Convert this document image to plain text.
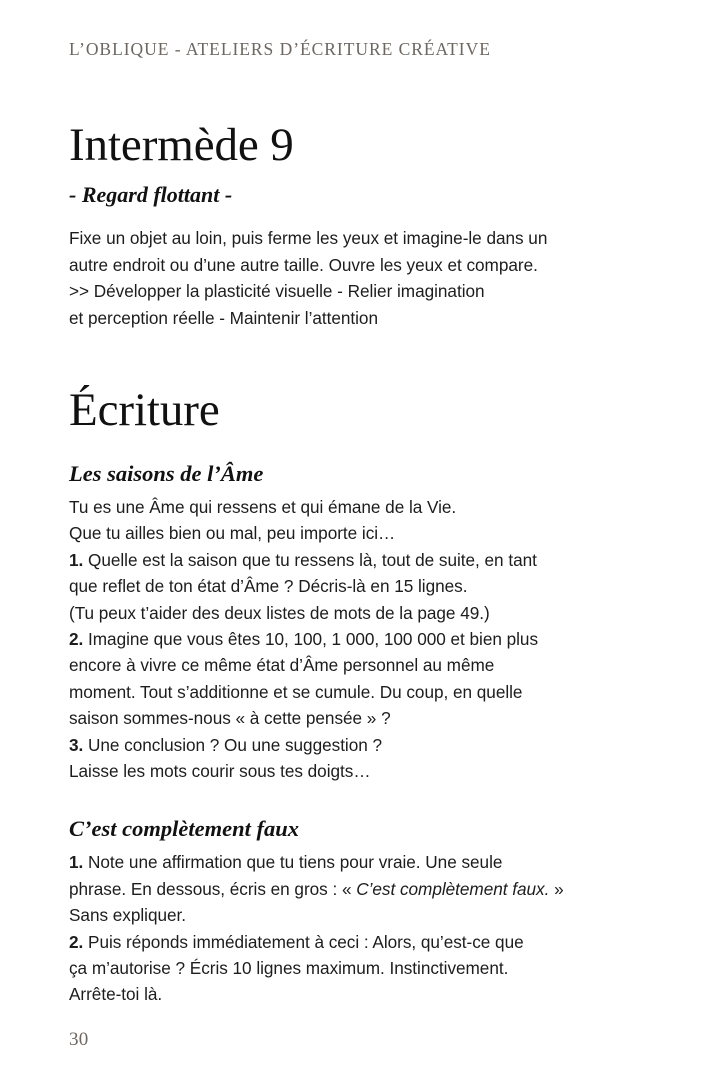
L’OBLIQUE - ATELIERS D’ÉCRITURE CRÉATIVE
Intermède 9

- Regard flottant -

Fixe un objet au loin, puis ferme les yeux et imagine-le dans un
autre endroit ou d’une autre taille. Ouvre les yeux et compare.
>> Développer la plasticité visuelle - Relier imagination
et perception réelle - Maintenir l’attention

Écriture
Les saisons de l’Âme

Tu es une Âme qui ressens et qui émane de la Vie.
Que tu ailles bien ou mal, peu importe ici…
1. Quelle est la saison que tu ressens là, tout de suite, en tant
que reflet de ton état d’Âme ? Décris-là en 15 lignes.
(Tu peux t’aider des deux listes de mots de la page 49.)
2. Imagine que vous êtes 10, 100, 1 000, 100 000 et bien plus
encore à vivre ce même état d’Âme personnel au même
moment. Tout s’additionne et se cumule. Du coup, en quelle
saison sommes-nous « à cette pensée » ?
3. Une conclusion ? Ou une suggestion ?
Laisse les mots courir sous tes doigts…

C’est complètement faux

1. Note une affirmation que tu tiens pour vraie. Une seule
phrase. En dessous, écris en gros : « C’est complètement faux. »
Sans expliquer.
2. Puis réponds immédiatement à ceci : Alors, qu’est-ce que
ça m’autorise ? Écris 10 lignes maximum. Instinctivement.
Arrête-toi là.

30
